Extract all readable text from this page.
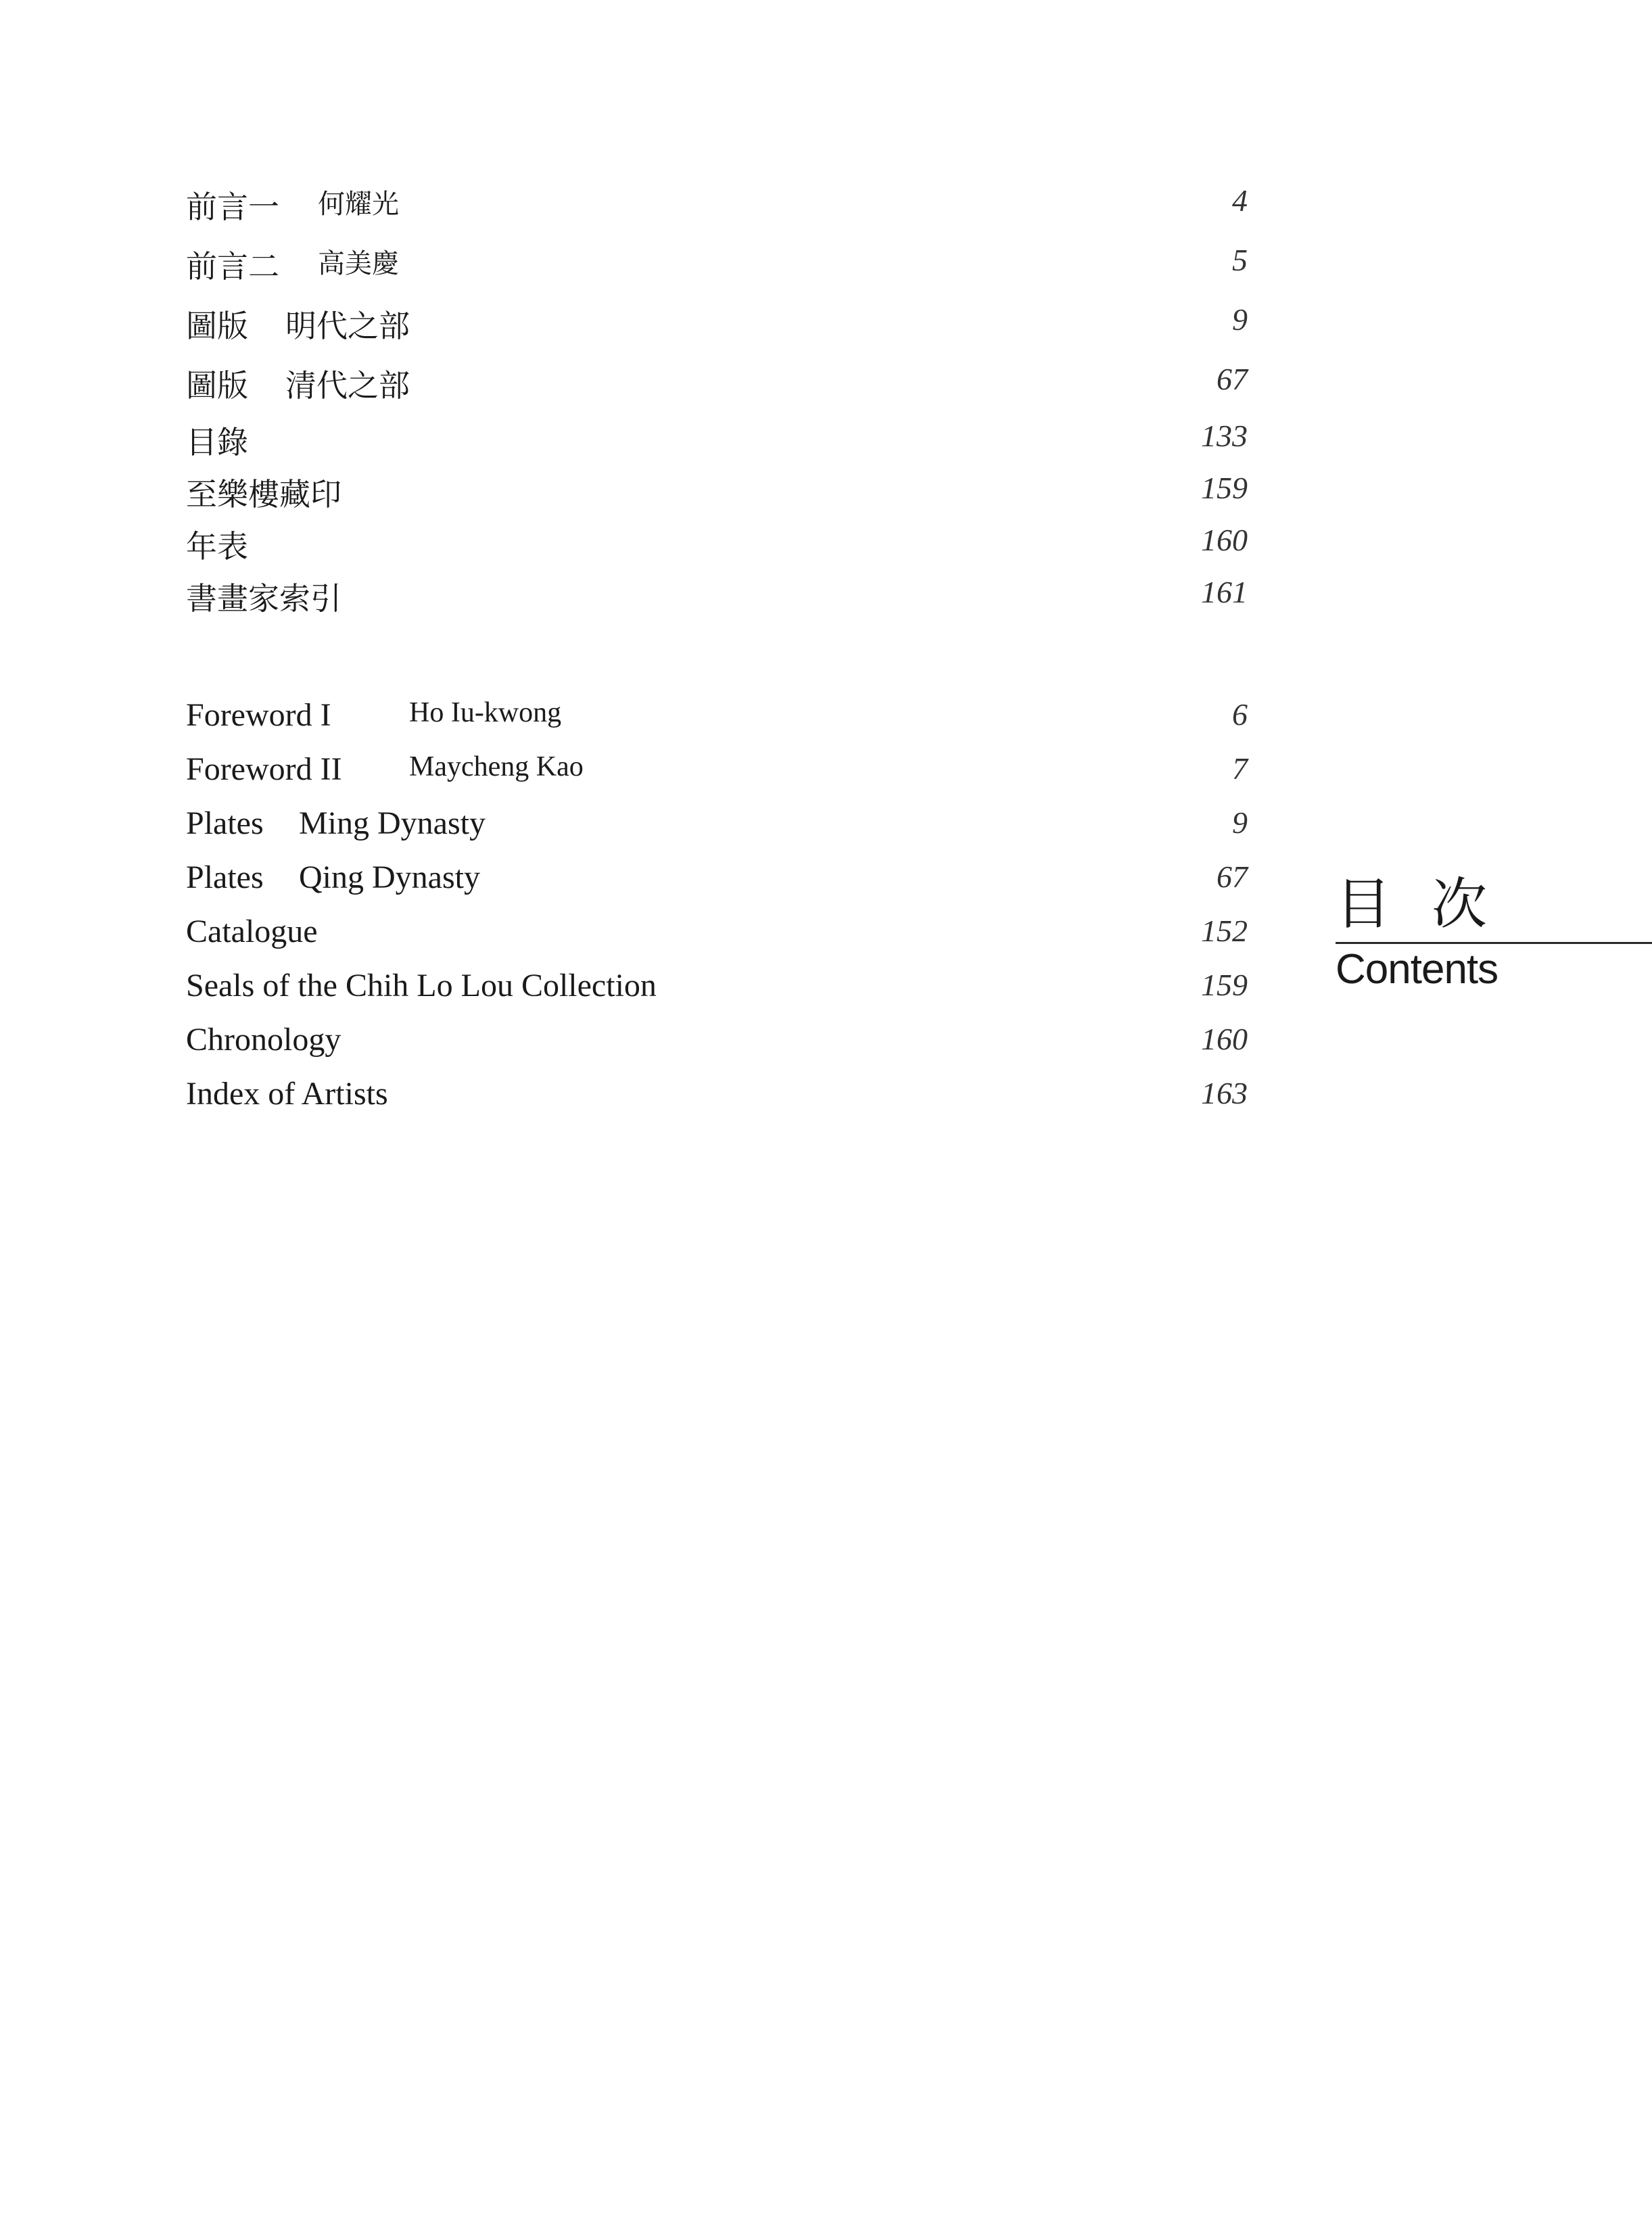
前言一 何耀光	4
前言二 高美慶	5
圖版 明代之部	9
圖版 清代之部	67
目錄	133
至樂樓藏印	159
年表	160
書畫家索引	161
Foreword I	Ho Iu-kwong	6
Foreword II Maycheng Kao	7
Plates Ming Dynasty	9
Plates Qing Dynasty	67
Catalogue	152
Seals of the Chih Lo Lou Collection	159
Chronology	160
Index of Artists	163
目次
Contents
